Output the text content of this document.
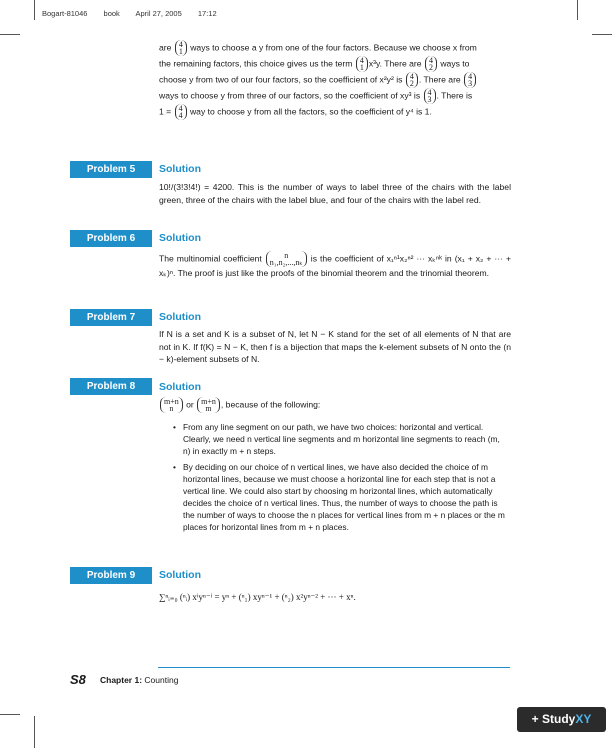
Bogart-81046 book April 27, 2005 17:12
are 4
1 ways to choose a y from one of the four factors. Because we choose x from
the remaining factors, this choice gives us the term 4
1 x³y. There are 4
2 ways to
choose y from two of our four factors, so the coefficient of x²y² is 4
2 . There are 4
3
ways to choose y from three of our factors, so the coefficient of xy³ is 4
3 . There is
1 = 4
4 way to choose y from all the factors, so the coefficient of y⁴ is 1.
Problem 5	Solution
10!/(3!3!4!) = 4200. This is the number of ways to label three of the chairs with the label green, three of the chairs with the label blue, and four of the chairs with the label red.
Problem 6	Solution
The multinomial coefficient	n
n₁,n₂,...,nₖ is the coefficient of x₁ⁿ¹x₂ⁿ² ··· xₖⁿᵏ in (x₁ + x₂ + ··· + xₖ)ⁿ. The proof is just like the proofs of the binomial theorem and the trinomial theorem.
Problem 7	Solution
If N is a set and K is a subset of N, let N − K stand for the set of all elements of N that are not in K. If f(K) = N − K, then f is a bijection that maps the k-element subsets of N onto the (n − k)-element subsets of N.
Problem 8	Solution
m+n
n or m+n
m , because of the following:
• From any line segment on our path, we have two choices: horizontal and vertical. Clearly, we need n vertical line segments and m horizontal line segments to reach (m, n) in exactly m + n steps.
• By deciding on our choice of n vertical lines, we have also decided the choice of m horizontal lines, because we must choose a horizontal line for each step that is not a vertical line. We could also start by choosing m horizontal lines, which automatically decides the choice of n vertical lines. Thus, the number of ways to choose the path is the number of ways to choose the n places for vertical lines from m + n places or the m places for horizontal lines from m + n places.
Problem 9	Solution
∑ⁿᵢ₌₀ (ⁿᵢ) xⁱyⁿ⁻ⁱ = yⁿ + (ⁿ₁) xyⁿ⁻¹ + (ⁿ₂) x²yⁿ⁻² + ··· + xⁿ.
S8 Chapter 1: Counting
+ StudyXY
